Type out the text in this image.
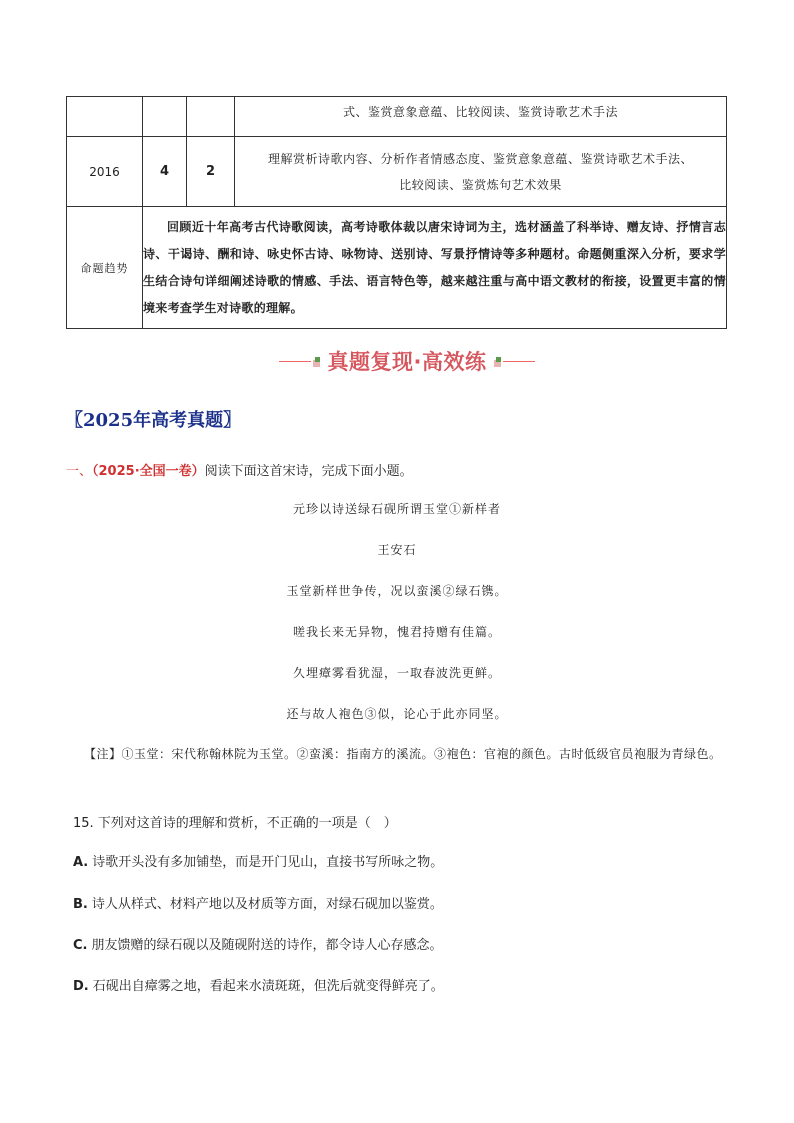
			式、鉴赏意象意蕴、比较阅读、鉴赏诗歌艺术手法
2016	4	2	理解赏析诗歌内容、分析作者情感态度、鉴赏意象意蕴、鉴赏诗歌艺术手法、
比较阅读、鉴赏炼句艺术效果

命题趋势	回顾近十年高考古代诗歌阅读，高考诗歌体裁以唐宋诗词为主，选材涵盖了科举诗、赠友诗、抒情言志诗、干谒诗、酬和诗、咏史怀古诗、咏物诗、送别诗、写景抒情诗等多种题材。命题侧重深入分析，要求学生结合诗句详细阐述诗歌的情感、手法、语言特色等，越来越注重与高中语文教材的衔接，设置更丰富的情境来考查学生对诗歌的理解。		
真题复现·高效练
〖2025年高考真题〗
一、（2025·全国一卷）阅读下面这首宋诗，完成下面小题。
元珍以诗送绿石砚所谓玉堂①新样者
王安石
玉堂新样世争传，况以蛮溪②绿石镌。
嗟我长来无异物，愧君持赠有佳篇。
久埋瘴雾看犹湿，一取春波洗更鲜。
还与故人袍色③似，论心于此亦同坚。
【注】①玉堂：宋代称翰林院为玉堂。②蛮溪：指南方的溪流。③袍色：官袍的颜色。古时低级官员袍服为青绿色。
15. 下列对这首诗的理解和赏析，不正确的一项是（　）
A. 诗歌开头没有多加铺垫，而是开门见山，直接书写所咏之物。
B. 诗人从样式、材料产地以及材质等方面，对绿石砚加以鉴赏。
C. 朋友馈赠的绿石砚以及随砚附送的诗作，都令诗人心存感念。
D. 石砚出自瘴雾之地，看起来水渍斑斑，但洗后就变得鲜亮了。
